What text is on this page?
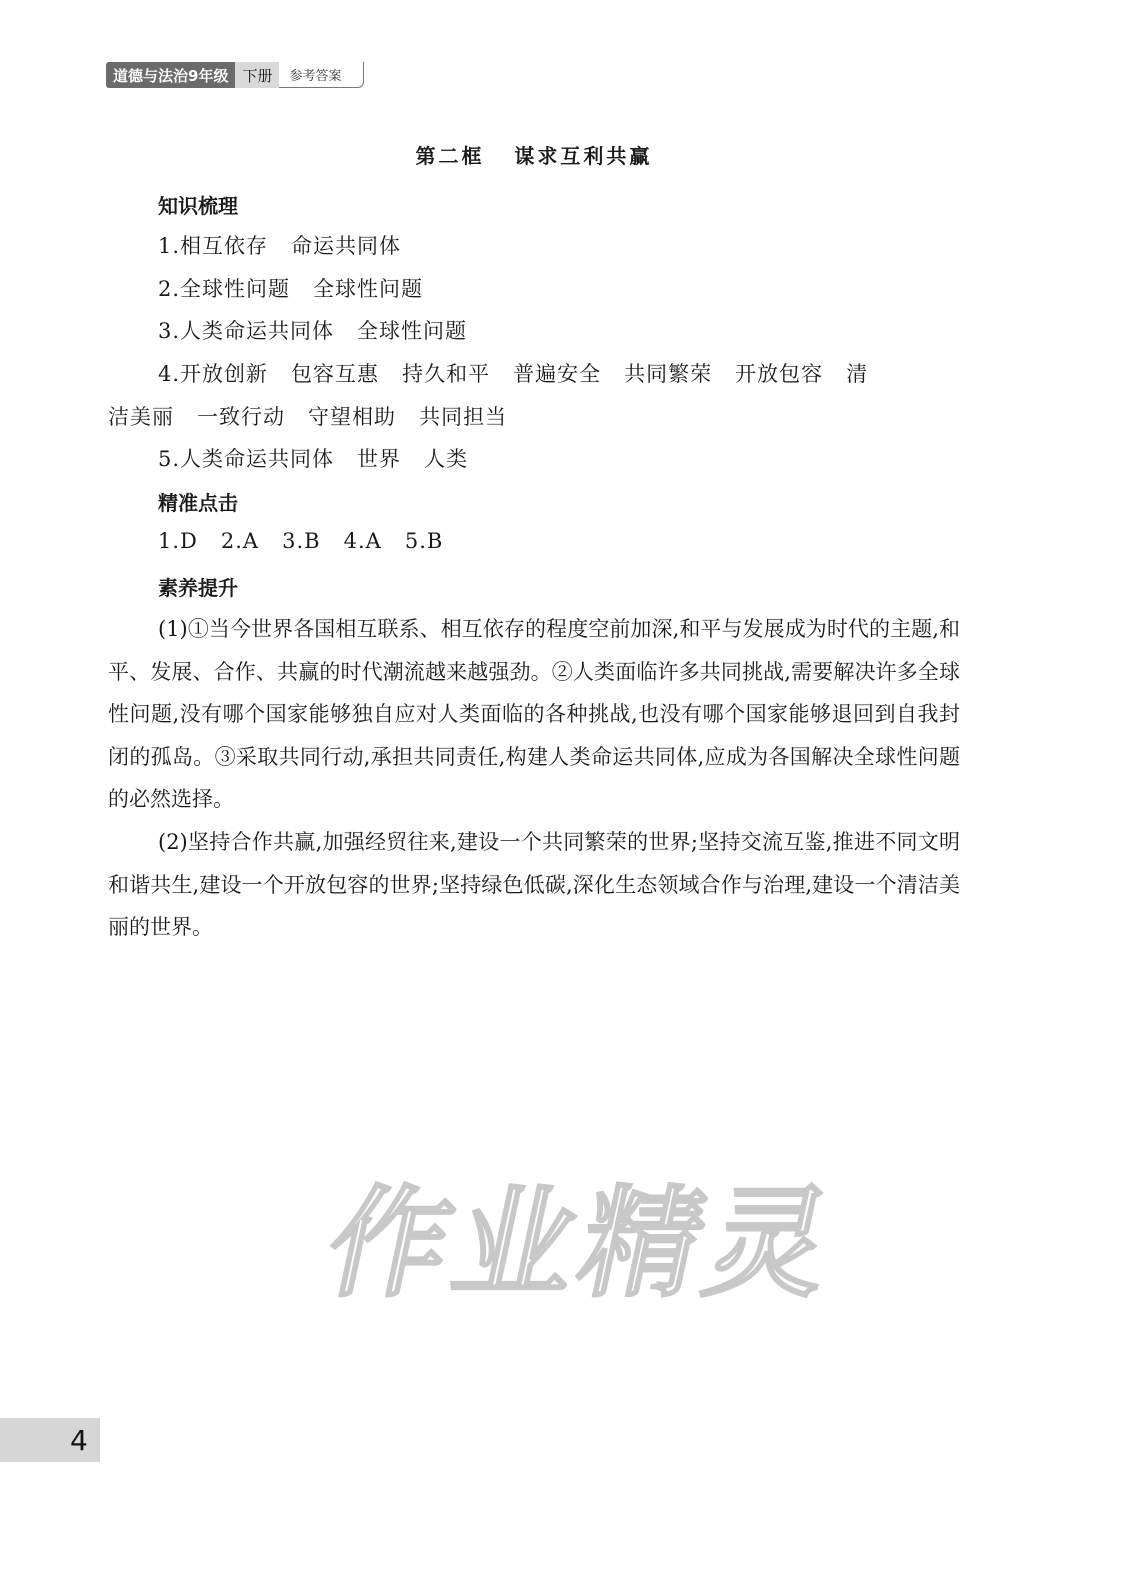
道德与法治9年级 下册	参考答案
第二框   谋求互利共赢
知识梳理
1.相互依存   命运共同体
2.全球性问题   全球性问题
3.人类命运共同体   全球性问题
4.开放创新   包容互惠   持久和平   普遍安全   共同繁荣   开放包容   清
洁美丽   一致行动   守望相助   共同担当
5.人类命运共同体   世界   人类
精准点击
1.D   2.A   3.B   4.A   5.B
素养提升

(1)①当今世界各国相互联系、相互依存的程度空前加深,和平与发展成为时代的主题,和平、发展、合作、共赢的时代潮流越来越强劲。②人类面临许多共同挑战,需要解决许多全球性问题,没有哪个国家能够独自应对人类面临的各种挑战,也没有哪个国家能够退回到自我封闭的孤岛。③采取共同行动,承担共同责任,构建人类命运共同体,应成为各国解决全球性问题的必然选择。

(2)坚持合作共赢,加强经贸往来,建设一个共同繁荣的世界;坚持交流互鉴,推进不同文明和谐共生,建设一个开放包容的世界;坚持绿色低碳,深化生态领域合作与治理,建设一个清洁美丽的世界。

作业精灵
4
